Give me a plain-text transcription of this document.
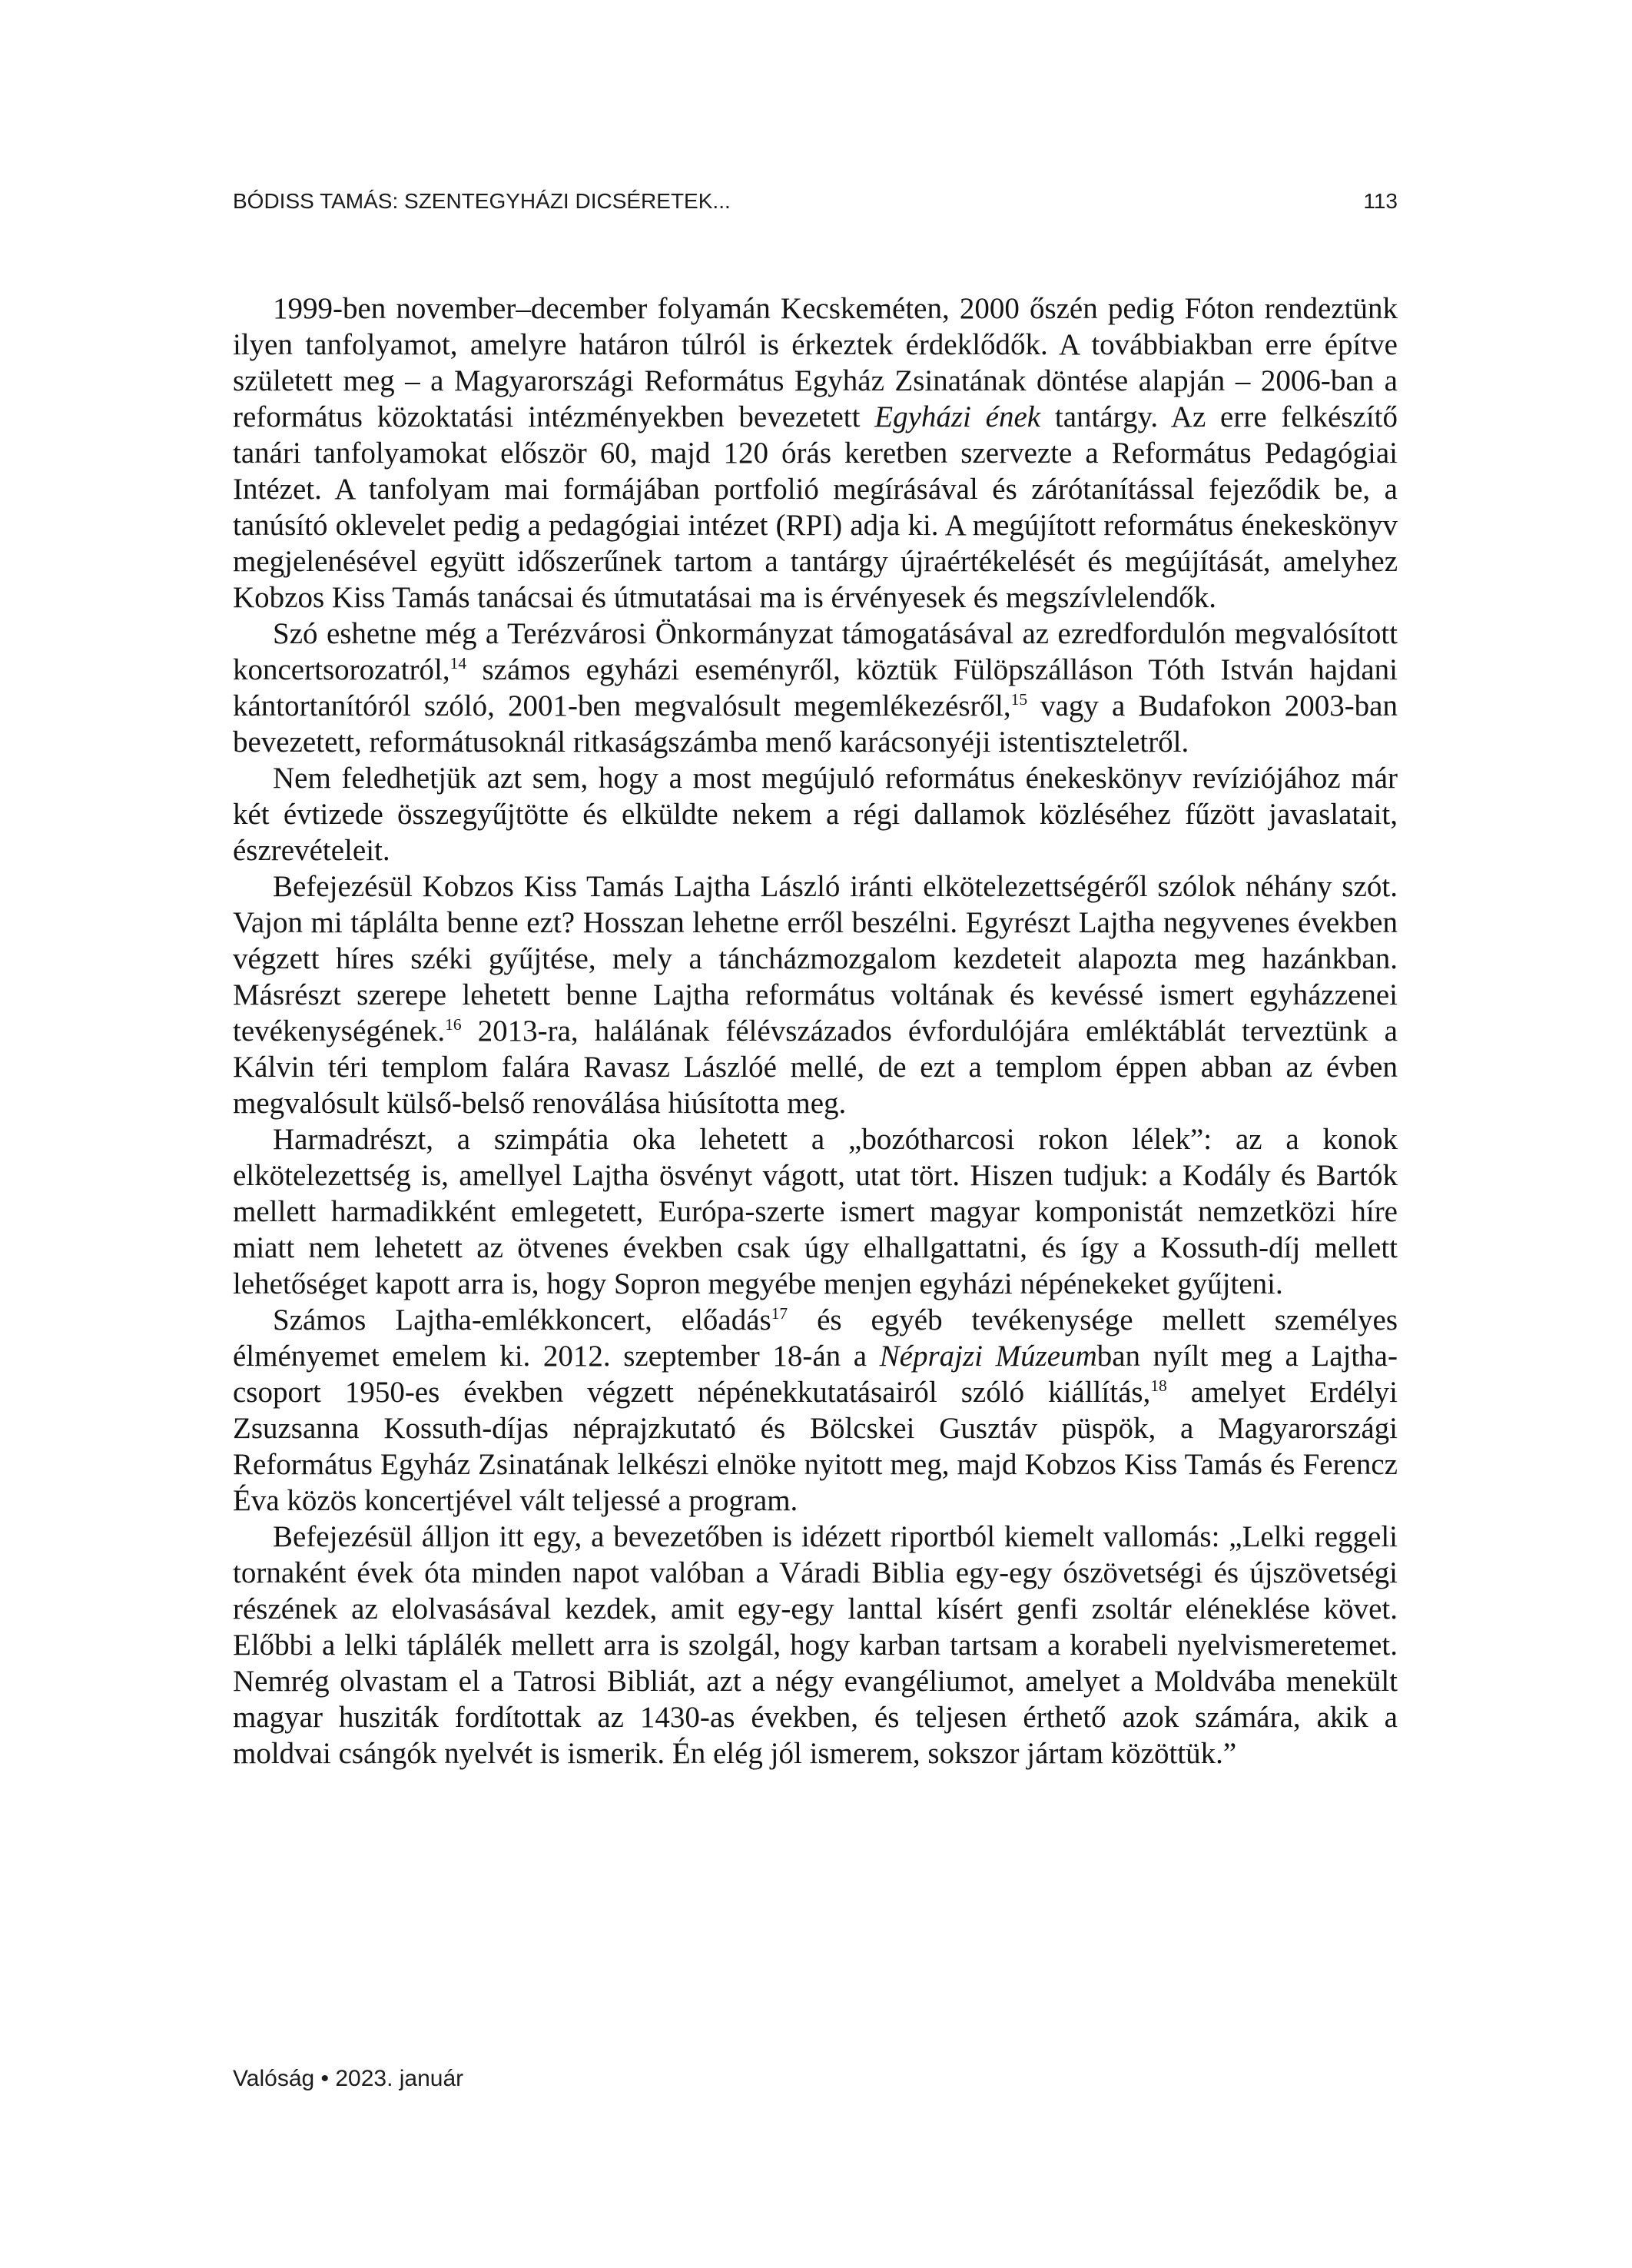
BÓDISS TAMÁS: SZENTEGYHÁZI DICSÉRETEK...	113

1999-ben november–december folyamán Kecskeméten, 2000 őszén pedig Fóton rendeztünk ilyen tanfolyamot, amelyre határon túlról is érkeztek érdeklődők. A továbbiakban erre építve született meg – a Magyarországi Református Egyház Zsinatának döntése alapján – 2006-ban a református közoktatási intézményekben bevezetett Egyházi ének tantárgy. Az erre felkészítő tanári tanfolyamokat először 60, majd 120 órás keretben szervezte a Református Pedagógiai Intézet. A tanfolyam mai formájában portfolió megírásával és zárótanítással fejeződik be, a tanúsító oklevelet pedig a pedagógiai intézet (RPI) adja ki. A megújított református énekeskönyv megjelenésével együtt időszerűnek tartom a tantárgy újraértékelését és megújítását, amelyhez Kobzos Kiss Tamás tanácsai és útmutatásai ma is érvényesek és megszívlelendők.

Szó eshetne még a Terézvárosi Önkormányzat támogatásával az ezredfordulón megvalósított koncertsorozatról,$^{14}$ számos egyházi eseményről, köztük Fülöpszálláson Tóth István hajdani kántortanítóról szóló, 2001-ben megvalósult megemlékezésről,$^{15}$ vagy a Budafokon 2003-ban bevezetett, reformátusoknál ritkaságszámba menő karácsonyéji istentiszteletről.

Nem feledhetjük azt sem, hogy a most megújuló református énekeskönyv revíziójához már két évtizede összegyűjtötte és elküldte nekem a régi dallamok közléséhez fűzött javaslatait, észrevételeit.

Befejezésül Kobzos Kiss Tamás Lajtha László iránti elkötelezettségéről szólok néhány szót. Vajon mi táplálta benne ezt? Hosszan lehetne erről beszélni. Egyrészt Lajtha negyvenes években végzett híres széki gyűjtése, mely a táncházmozgalom kezdeteit alapozta meg hazánkban. Másrészt szerepe lehetett benne Lajtha református voltának és kevéssé ismert egyházzenei tevékenységének.$^{16}$ 2013-ra, halálának félévszázados évfordulójára emléktáblát terveztünk a Kálvin téri templom falára Ravasz Lászlóé mellé, de ezt a templom éppen abban az évben megvalósult külső-belső renoválása hiúsította meg.

Harmadrészt, a szimpátia oka lehetett a „bozótharcosi rokon lélek”: az a konok elkötelezettség is, amellyel Lajtha ösvényt vágott, utat tört. Hiszen tudjuk: a Kodály és Bartók mellett harmadikként emlegetett, Európa-szerte ismert magyar komponistát nemzetközi híre miatt nem lehetett az ötvenes években csak úgy elhallgattatni, és így a Kossuth-díj mellett lehetőséget kapott arra is, hogy Sopron megyébe menjen egyházi népénekeket gyűjteni.

Számos Lajtha-emlékkoncert, előadás$^{17}$ és egyéb tevékenysége mellett személyes élményemet emelem ki. 2012. szeptember 18-án a Néprajzi Múzeumban nyílt meg a Lajtha-csoport 1950-es években végzett népénekkutatásairól szóló kiállítás,$^{18}$ amelyet Erdélyi Zsuzsanna Kossuth-díjas néprajzkutató és Bölcskei Gusztáv püspök, a Magyarországi Református Egyház Zsinatának lelkészi elnöke nyitott meg, majd Kobzos Kiss Tamás és Ferencz Éva közös koncertjével vált teljessé a program.

Befejezésül álljon itt egy, a bevezetőben is idézett riportból kiemelt vallomás: „Lelki reggeli tornaként évek óta minden napot valóban a Váradi Biblia egy-egy ószövetségi és újszövetségi részének az elolvasásával kezdek, amit egy-egy lanttal kísért genfi zsoltár eléneklése követ. Előbbi a lelki táplálék mellett arra is szolgál, hogy karban tartsam a korabeli nyelvismeretemet. Nemrég olvastam el a Tatrosi Bibliát, azt a négy evangéliumot, amelyet a Moldvába menekült magyar husziták fordítottak az 1430-as években, és teljesen érthető azok számára, akik a moldvai csángók nyelvét is ismerik. Én elég jól ismerem, sokszor jártam közöttük.”

Valóság • 2023. január
